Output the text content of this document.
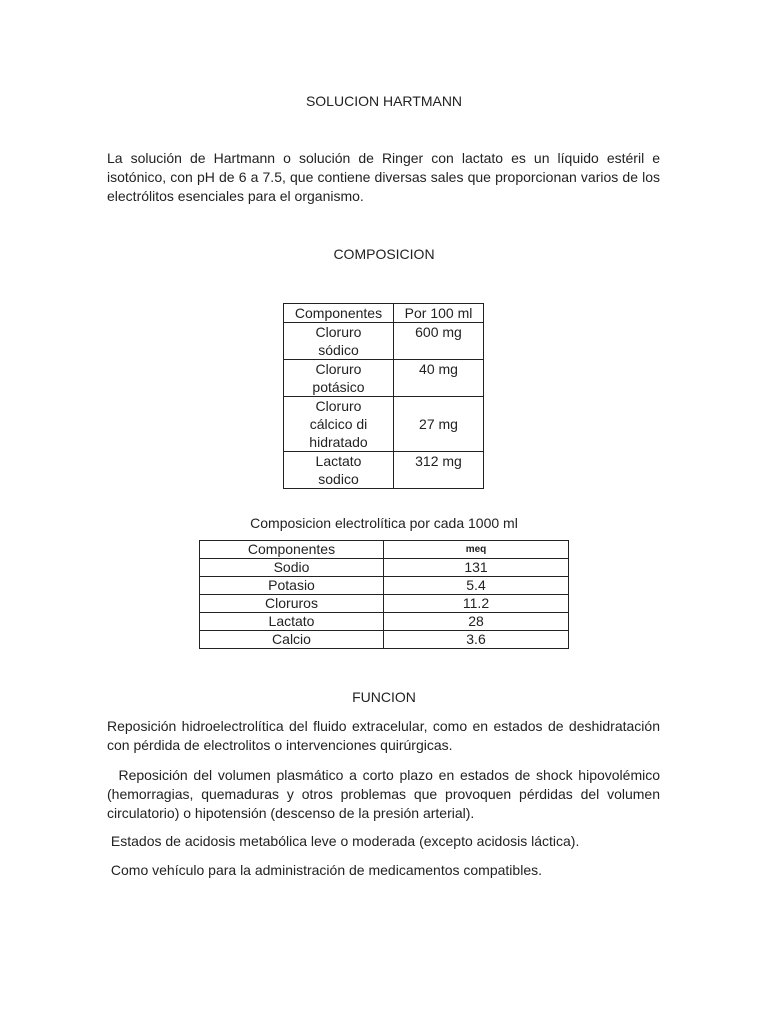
SOLUCION HARTMANN

La solución de Hartmann o solución de Ringer con lactato es un líquido estéril e isotónico, con pH de 6 a 7.5, que contiene diversas sales que proporcionan varios de los electrólitos esenciales para el organismo.

COMPOSICION
Componentes	Por 100 ml

Cloruro
sódico	600 mg

Cloruro
potásico	40 mg

Cloruro
cálcico di
hidratado	27 mg

Lactato
sodico	312 mg
Composicion electrolítica por cada 1000 ml
Componentes	meq
Sodio	131
Potasio	5.4
Cloruros	11.2
Lactato	28
Calcio	3.6
FUNCION

Reposición hidroelectrolítica del fluido extracelular, como en estados de deshidratación con pérdida de electrolitos o intervenciones quirúrgicas.

Reposición del volumen plasmático a corto plazo en estados de shock hipovolémico (hemorragias, quemaduras y otros problemas que provoquen pérdidas del volumen circulatorio) o hipotensión (descenso de la presión arterial).

Estados de acidosis metabólica leve o moderada (excepto acidosis láctica).

Como vehículo para la administración de medicamentos compatibles.
